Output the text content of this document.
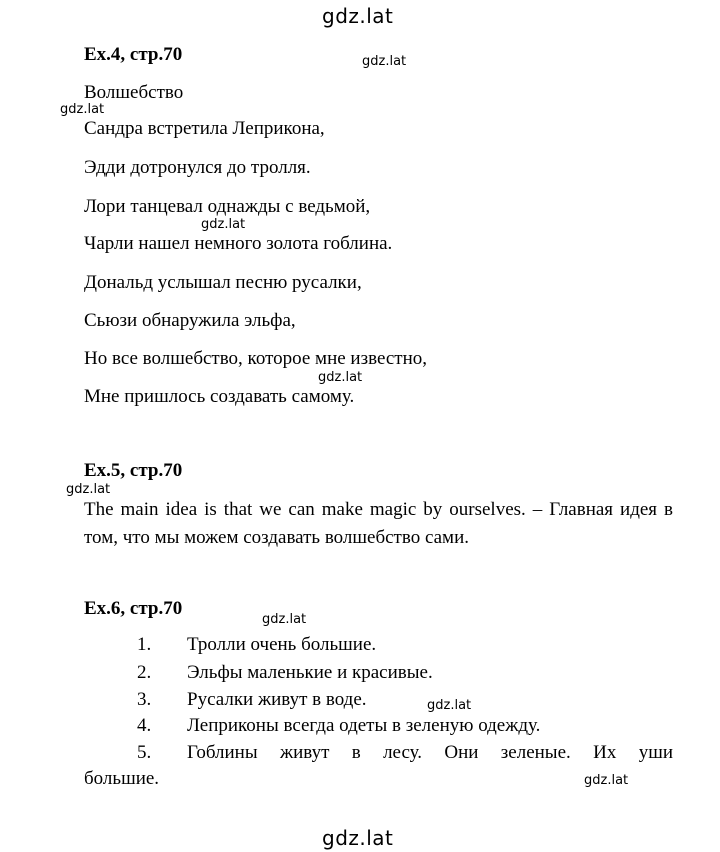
gdz.lat
Ex.4, стр.70	gdz.lat
Волшебство
gdz.lat
Сандра встретила Леприкона,
Эдди дотронулся до тролля.
Лори танцевал однажды с ведьмой,
gdz.lat
Чарли нашел немного золота гоблина.
Дональд услышал песню русалки,
Сьюзи обнаружила эльфа,
Но все волшебство, которое мне известно,
gdz.lat
Мне пришлось создавать самому.
Ex.5, стр.70
gdz.lat
The main idea is that we can make magic by ourselves. – Главная идея в том, что мы можем создавать волшебство сами.
Ex.6, стр.70
gdz.lat
1. Тролли очень большие.
2. Эльфы маленькие и красивые.
3. Русалки живут в воде.	gdz.lat
4. Леприконы всегда одеты в зеленую одежду.
5. Гоблины живут в лесу. Они зеленые. Их уши
большие.	gdz.lat
gdz.lat
